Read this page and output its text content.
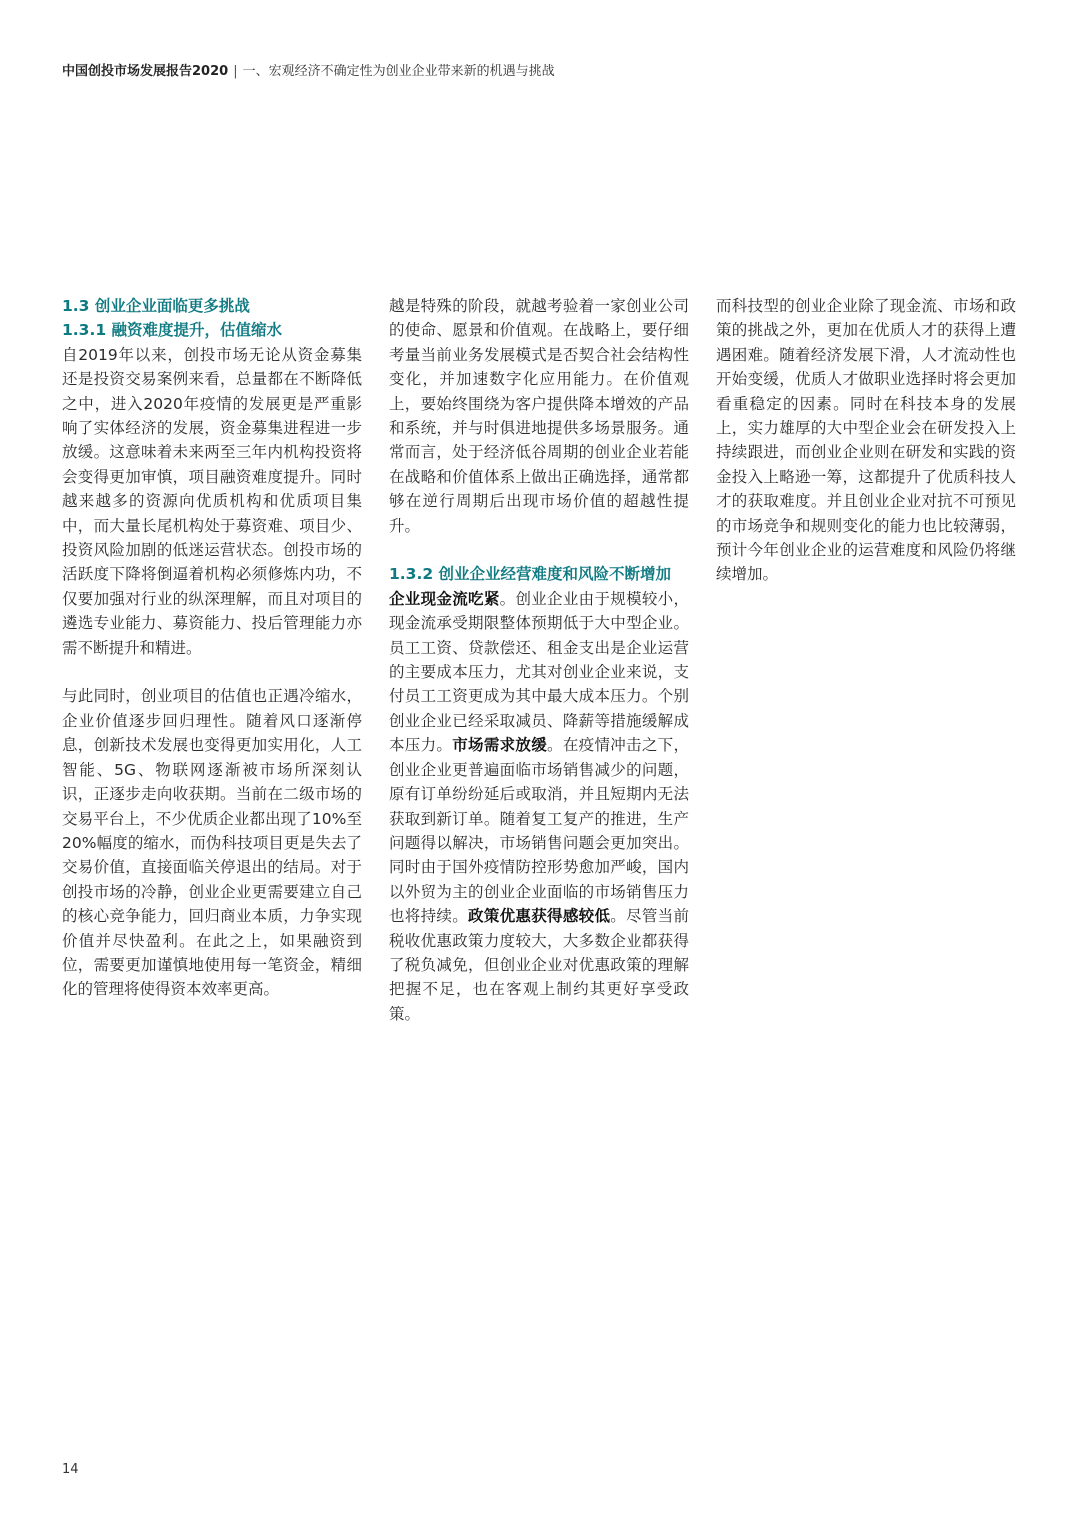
中国创投市场发展报告2020 | 一、宏观经济不确定性为创业企业带来新的机遇与挑战
1.3 创业企业面临更多挑战
1.3.1 融资难度提升，估值缩水

自2019年以来，创投市场无论从资金募集还是投资交易案例来看，总量都在不断降低之中，进入2020年疫情的发展更是严重影响了实体经济的发展，资金募集进程进一步放缓。这意味着未来两至三年内机构投资将会变得更加审慎，项目融资难度提升。同时越来越多的资源向优质机构和优质项目集中，而大量长尾机构处于募资难、项目少、投资风险加剧的低迷运营状态。创投市场的活跃度下降将倒逼着机构必须修炼内功，不仅要加强对行业的纵深理解，而且对项目的遴选专业能力、募资能力、投后管理能力亦需不断提升和精进。

与此同时，创业项目的估值也正遇冷缩水，企业价值逐步回归理性。随着风口逐渐停息，创新技术发展也变得更加实用化，人工智能、5G、物联网逐渐被市场所深刻认识，正逐步走向收获期。当前在二级市场的交易平台上，不少优质企业都出现了10%至20%幅度的缩水，而伪科技项目更是失去了交易价值，直接面临关停退出的结局。对于创投市场的冷静，创业企业更需要建立自己的核心竞争能力，回归商业本质，力争实现价值并尽快盈利。在此之上，如果融资到位，需要更加谨慎地使用每一笔资金，精细化的管理将使得资本效率更高。

越是特殊的阶段，就越考验着一家创业公司的使命、愿景和价值观。在战略上，要仔细考量当前业务发展模式是否契合社会结构性变化，并加速数字化应用能力。在价值观上，要始终围绕为客户提供降本增效的产品和系统，并与时俱进地提供多场景服务。通常而言，处于经济低谷周期的创业企业若能在战略和价值体系上做出正确选择，通常都够在逆行周期后出现市场价值的超越性提升。

1.3.2 创业企业经营难度和风险不断增加

企业现金流吃紧。创业企业由于规模较小，现金流承受期限整体预期低于大中型企业。员工工资、贷款偿还、租金支出是企业运营的主要成本压力，尤其对创业企业来说，支付员工工资更成为其中最大成本压力。个别创业企业已经采取减员、降薪等措施缓解成本压力。市场需求放缓。在疫情冲击之下，创业企业更普遍面临市场销售减少的问题，原有订单纷纷延后或取消，并且短期内无法获取到新订单。随着复工复产的推进，生产问题得以解决，市场销售问题会更加突出。同时由于国外疫情防控形势愈加严峻，国内以外贸为主的创业企业面临的市场销售压力也将持续。政策优惠获得感较低。尽管当前税收优惠政策力度较大，大多数企业都获得了税负减免，但创业企业对优惠政策的理解把握不足，也在客观上制约其更好享受政策。

而科技型的创业企业除了现金流、市场和政策的挑战之外，更加在优质人才的获得上遭遇困难。随着经济发展下滑，人才流动性也开始变缓，优质人才做职业选择时将会更加看重稳定的因素。同时在科技本身的发展上，实力雄厚的大中型企业会在研发投入上持续跟进，而创业企业则在研发和实践的资金投入上略逊一筹，这都提升了优质科技人才的获取难度。并且创业企业对抗不可预见的市场竞争和规则变化的能力也比较薄弱，预计今年创业企业的运营难度和风险仍将继续增加。

14
